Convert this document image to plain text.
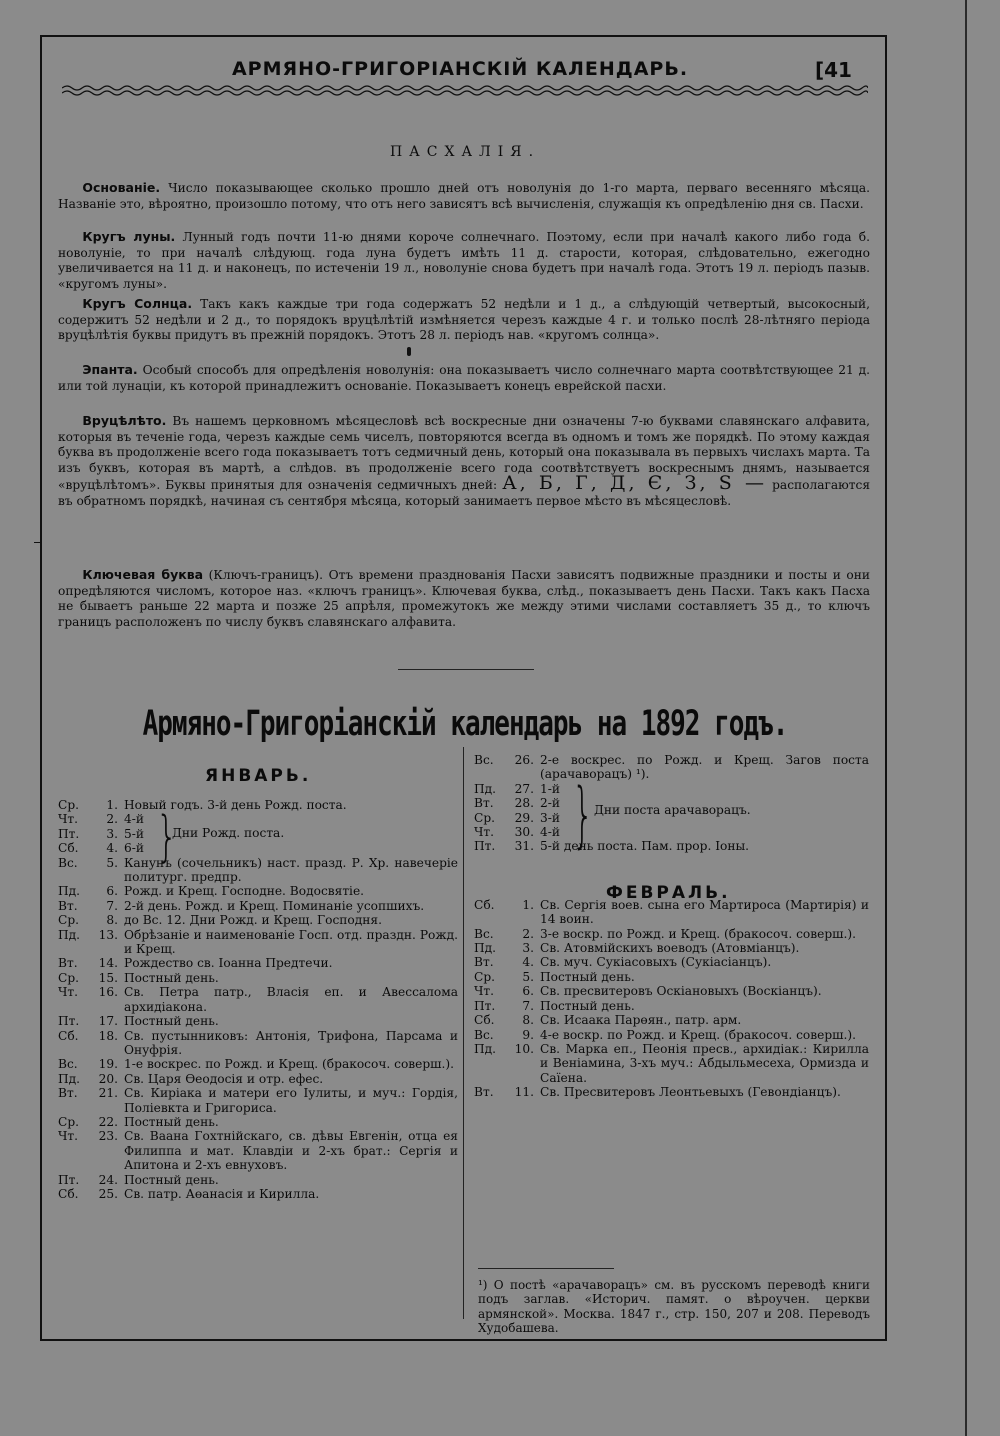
АРМЯНО-ГРИГОРІАНСКІЙ КАЛЕНДАРЬ.	[41
ПАСХАЛІЯ.
  Основаніе. Число показывающее сколько прошло дней отъ новолунія до 1-го марта, перваго весенняго мѣсяца. Названіе это, вѣроятно, произошло потому, что отъ него зависятъ всѣ вычисленія, служащія къ опредѣленію дня св. Пасхи.
  Кругъ луны. Лунный годъ почти 11-ю днями короче солнечнаго. Поэтому, если при началѣ какого либо года б. новолуніе, то при началѣ слѣдующ. года луна будетъ имѣть 11 д. старости, которая, слѣдовательно, ежегодно увеличивается на 11 д. и наконецъ, по истеченіи 19 л., новолуніе снова будетъ при началѣ года. Этотъ 19 л. періодъ пазыв. «кругомъ луны».
  Кругъ Солнца. Такъ какъ каждые три года содержатъ 52 недѣли и 1 д., а слѣдующій четвертый, высокосный, содержитъ 52 недѣли и 2 д., то порядокъ вруцѣлѣтій измѣняется черезъ каждые 4 г. и только послѣ 28-лѣтняго періода вруцѣлѣтія буквы придутъ въ прежній порядокъ. Этотъ 28 л. періодъ нав. «кругомъ солнца».
  Эпанта. Особый способъ для опредѣленія новолунія: она показываетъ число солнечнаго марта соотвѣтствующее 21 д. или той лунаціи, къ которой принадлежитъ основаніе. Показываетъ конецъ еврейской пасхи.
  Вруцѣлѣто. Въ нашемъ церковномъ мѣсяцесловѣ всѣ воскресные дни означены 7-ю буквами славянскаго алфавита, которыя въ теченіе года, черезъ каждые семь чиселъ, повторяются всегда въ одномъ и томъ же порядкѣ. По этому каждая буква въ продолженіе всего года показываетъ тотъ седмичный день, который она показывала въ первыхъ числахъ марта. Та изъ буквъ, которая въ мартѣ, а слѣдов. въ продолженіе всего года соотвѣтствуетъ воскреснымъ днямъ, называется «вруцѣлѣтомъ». Буквы принятыя для означенія седмичныхъ дней: А, Б, Г, Д, Є, З, Ѕ — располагаются въ обратномъ порядкѣ, начиная съ сентября мѣсяца, который занимаетъ первое мѣсто въ мѣсяцесловѣ.
  Ключевая буква (Ключъ-границъ). Отъ времени празднованія Пасхи зависятъ подвижные праздники и посты и они опредѣляются числомъ, которое наз. «ключъ границъ». Ключевая буква, слѣд., показываетъ день Пасхи. Такъ какъ Пасха не бываетъ раньше 22 марта и позже 25 апрѣля, промежутокъ же между этими числами составляетъ 35 д., то ключъ границъ расположенъ по числу буквъ славянскаго алфавита.
Армяно-Григоріанскій календарь на 1892 годъ.
ЯНВАРЬ.
ФЕВРАЛЬ.
Ср.	1. Новый годъ. 3-й день Рожд. поста.
Чт.	2. 4-й
Пт.	3. 5-й
Сб.	4. 6-й }
Дни Рожд. поста.
Вс.	5. Канунъ (сочельникъ) наст. празд. Р. Хр. навечеріе политург. предпр.
Пд.	6. Рожд. и Крещ. Господне. Водосвятіе.
Вт.	7. 2-й день. Рожд. и Крещ. Поминаніе усопшихъ.
Ср.	8. до Вс. 12. Дни Рожд. и Крещ. Господня.
Пд.	13. Обрѣзаніе и наименованіе Госп. отд. праздн. Рожд. и Крещ.
Вт.	14. Рождество св. Іоанна Предтечи.
Ср.	15. Постный день.
Чт.	16. Св. Петра патр., Власія еп. и Авессалома архидіакона.
Пт.	17. Постный день.
Сб.	18. Св. пустынниковъ: Антонія, Трифона, Парсама и Онуфрія.
Вс.	19. 1-е воскрес. по Рожд. и Крещ. (бракосоч. соверш.).
Пд.	20. Св. Царя Өеодосія и отр. ефес.
Вт.	21. Св. Киріака и матери его Іулиты, и муч.: Гордія, Поліевкта и Григориса.
Ср.	22. Постный день.
Чт.	23. Св. Ваана Гохтнійскаго, св. дѣвы Евгенін, отца ея Филиппа и мат. Клавдіи и 2-хъ брат.: Сергія и Апитона и 2-хъ евнуховъ.
Пт.	24. Постный день.
Сб.	25. Св. патр. Аөанасія и Кирилла.
Вс.	26. 2-е воскрес. по Рожд. и Крещ. Загов поста (арачаворацъ) ¹).
Пд.	27. 1-й
Вт.	28. 2-й
Ср.	29. 3-й
Чт.	30. 4-й } Дни поста арачаворацъ.
Пт.	31. 5-й день поста. Пам. прор. Іоны.
Сб.	1. Св. Сергія воев. сына его Мартироса (Мартирія) и 14 воин.
Вс.	2. 3-е воскр. по Рожд. и Крещ. (бракосоч. соверш.).
Пд.	3. Св. Атовмійскихъ воеводъ (Атовміанцъ).
Вт.	4. Св. муч. Сукіасовыхъ (Сукіасіанцъ).
Ср.	5. Постный день.
Чт.	6. Св. пресвитеровъ Оскіановыхъ (Воскіанцъ).
Пт.	7. Постный день.
Сб.	8. Св. Исаака Парөян., патр. арм.
Вс.	9. 4-е воскр. по Рожд. и Крещ. (бракосоч. соверш.).
Пд.	10. Св. Марка еп., Пеонія пресв., архидіак.: Кирилла и Веніамина, 3-хъ муч.: Абдыльмесеха, Ормизда и Саїена.
Вт.	11. Св. Пресвитеровъ Леонтьевыхъ (Гевондіанцъ).
¹) О постѣ «арачаворацъ» см. въ русскомъ переводѣ книги подъ заглав. «Историч. памят. о вѣроучен. церкви армянской». Москва. 1847 г., стр. 150, 207 и 208. Переводъ Худобашева.
